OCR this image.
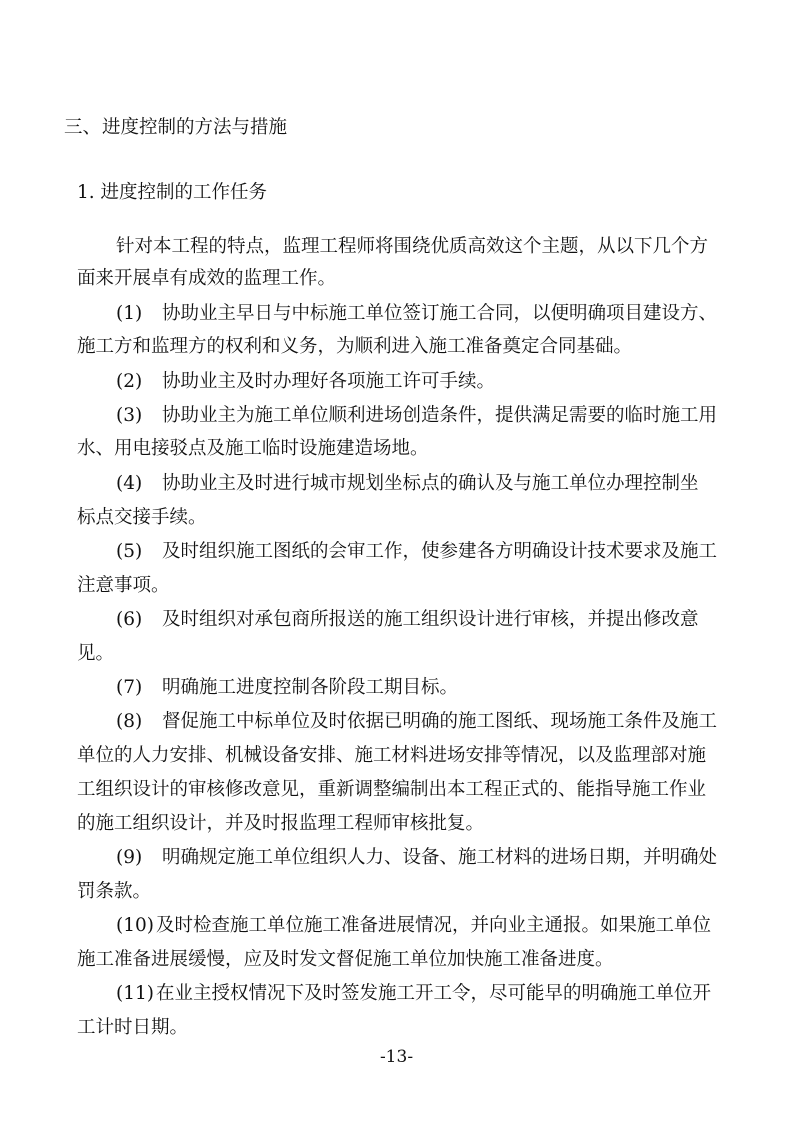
三、进度控制的方法与措施
1. 进度控制的工作任务
针对本工程的特点，监理工程师将围绕优质高效这个主题，从以下几个方
面来开展卓有成效的监理工作。
(1) 协助业主早日与中标施工单位签订施工合同，以便明确项目建设方、
施工方和监理方的权利和义务，为顺利进入施工准备奠定合同基础。
(2) 协助业主及时办理好各项施工许可手续。
(3) 协助业主为施工单位顺利进场创造条件，提供满足需要的临时施工用
水、用电接驳点及施工临时设施建造场地。
(4) 协助业主及时进行城市规划坐标点的确认及与施工单位办理控制坐
标点交接手续。
(5) 及时组织施工图纸的会审工作，使参建各方明确设计技术要求及施工
注意事项。
(6) 及时组织对承包商所报送的施工组织设计进行审核，并提出修改意
见。
(7) 明确施工进度控制各阶段工期目标。
(8) 督促施工中标单位及时依据已明确的施工图纸、现场施工条件及施工
单位的人力安排、机械设备安排、施工材料进场安排等情况，以及监理部对施
工组织设计的审核修改意见，重新调整编制出本工程正式的、能指导施工作业
的施工组织设计，并及时报监理工程师审核批复。
(9) 明确规定施工单位组织人力、设备、施工材料的进场日期，并明确处
罚条款。
(10) 及时检查施工单位施工准备进展情况，并向业主通报。如果施工单位
施工准备进展缓慢，应及时发文督促施工单位加快施工准备进度。
(11) 在业主授权情况下及时签发施工开工令，尽可能早的明确施工单位开
工计时日期。
-13-
